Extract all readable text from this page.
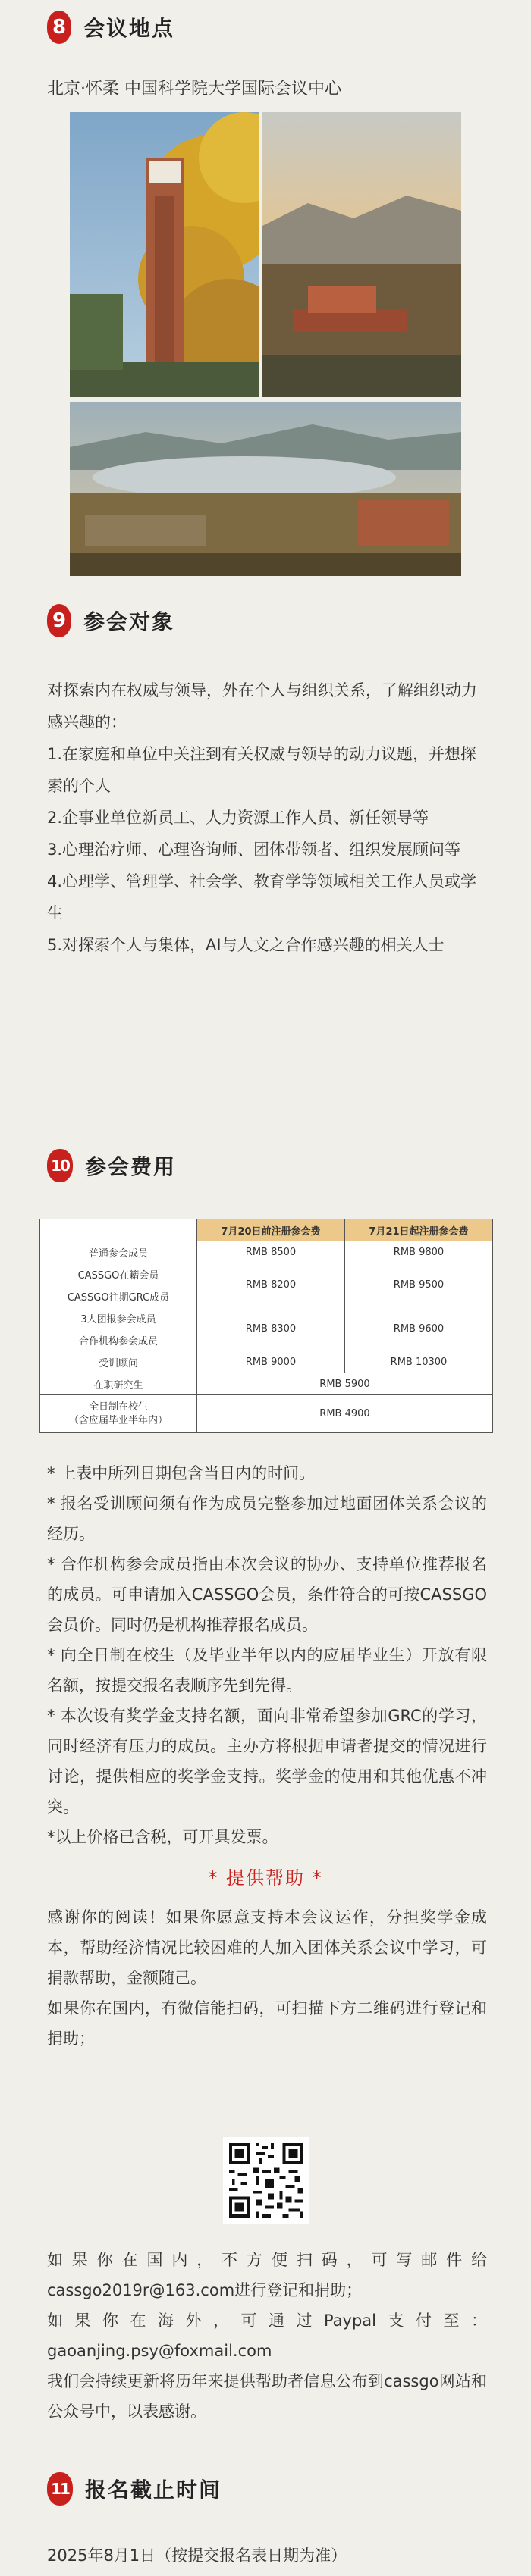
8 会议地点
北京·怀柔 中国科学院大学国际会议中心
9 参会对象

对探索内在权威与领导，外在个人与组织关系，了解组织动力感兴趣的：

1.在家庭和单位中关注到有关权威与领导的动力议题，并想探索的个人

2.企事业单位新员工、人力资源工作人员、新任领导等

3.心理治疗师、心理咨询师、团体带领者、组织发展顾问等

4.心理学、管理学、社会学、教育学等领域相关工作人员或学生

5.对探索个人与集体，AI与人文之合作感兴趣的相关人士

10 参会费用
	7月20日前注册参会费	7月21日起注册参会费
普通参会成员	RMB 8500	RMB 9800
CASSGO在籍会员	RMB 8200	RMB 9500
CASSGO往期GRC成员		
3人团报参会成员	RMB 8300	RMB 9600
合作机构参会成员		
受训顾问	RMB 9000	RMB 10300
在职研究生	RMB 5900	
全日制在校生
（含应届毕业半年内）	RMB 4900	

* 上表中所列日期包含当日内的时间。

* 报名受训顾问须有作为成员完整参加过地面团体关系会议的经历。

* 合作机构参会成员指由本次会议的协办、支持单位推荐报名的成员。可申请加入CASSGO会员，条件符合的可按CASSGO会员价。同时仍是机构推荐报名成员。

* 向全日制在校生（及毕业半年以内的应届毕业生）开放有限名额，按提交报名表顺序先到先得。

* 本次设有奖学金支持名额，面向非常希望参加GRC的学习，同时经济有压力的成员。主办方将根据申请者提交的情况进行讨论，提供相应的奖学金支持。奖学金的使用和其他优惠不冲突。

*以上价格已含税，可开具发票。

* 提供帮助 *

感谢你的阅读！如果你愿意支持本会议运作，分担奖学金成本，帮助经济情况比较困难的人加入团体关系会议中学习，可捐款帮助，金额随己。

如果你在国内，有微信能扫码，可扫描下方二维码进行登记和捐助；

如果你在国内，不方便扫码，可写邮件给cassgo2019r@163.com进行登记和捐助；

如果你在海外，可通过Paypal支付至：gaoanjing.psy@foxmail.com

我们会持续更新将历年来提供帮助者信息公布到cassgo网站和公众号中，以表感谢。

11 报名截止时间
2025年8月1日（按提交报名表日期为准）
